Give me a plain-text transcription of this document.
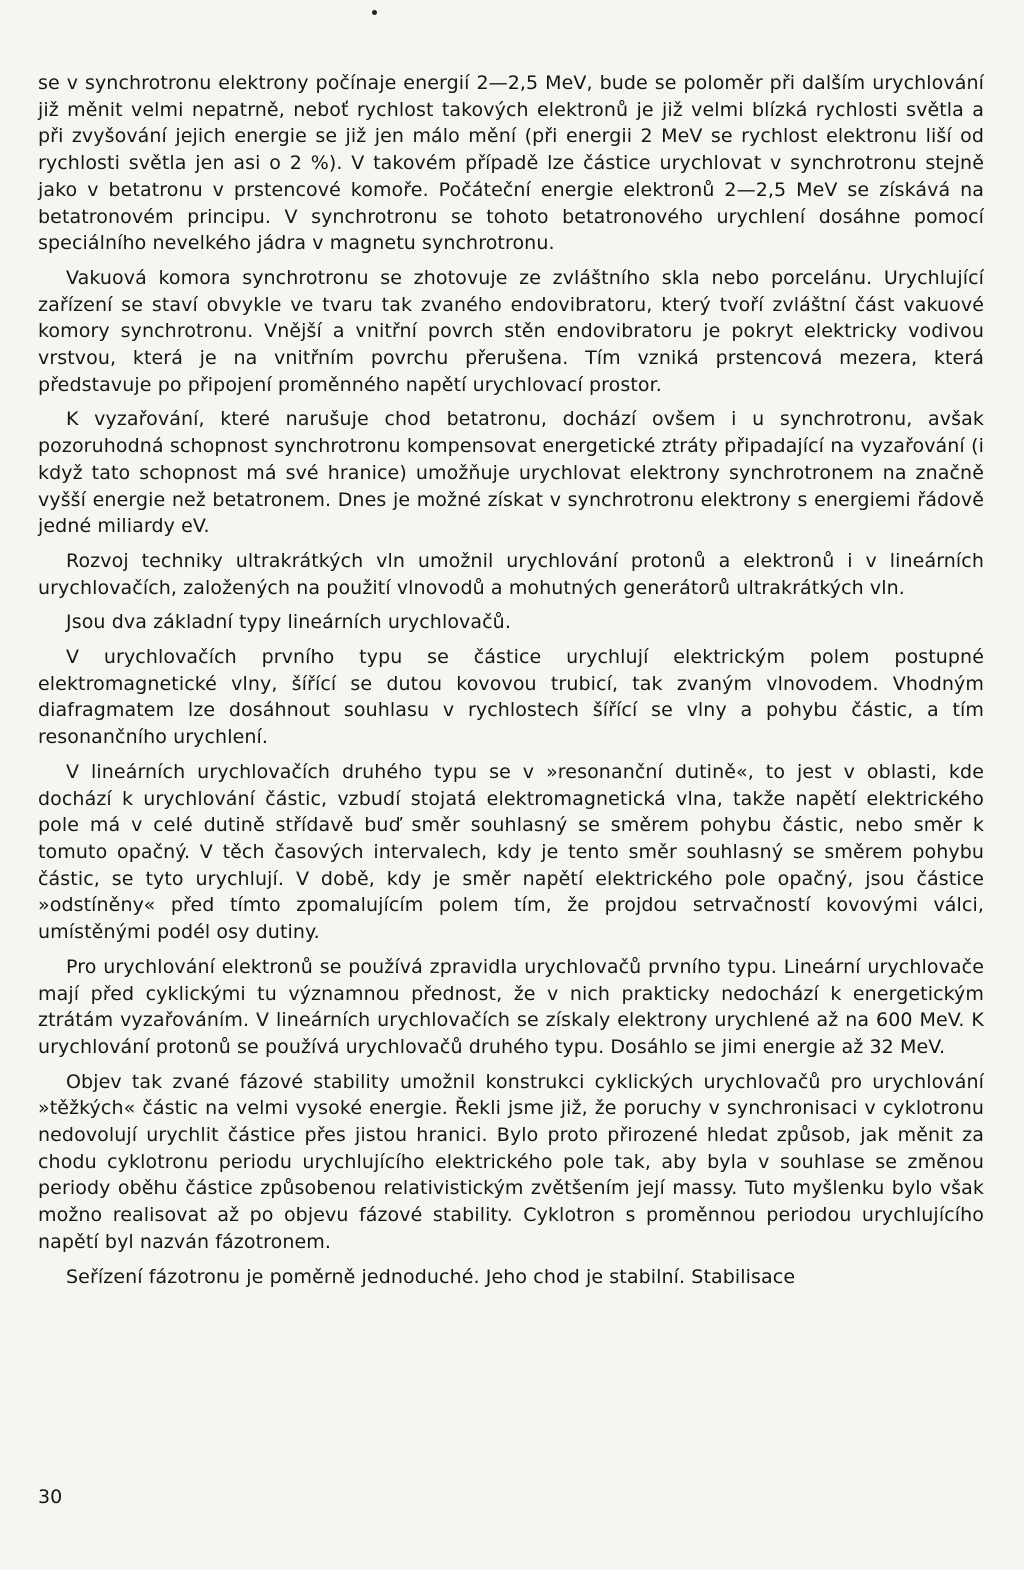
se v synchrotronu elektrony počínaje energií 2—2,5 MeV, bude se poloměr při dalším urychlování již měnit velmi nepatrně, neboť rychlost takových elektronů je již velmi blízká rychlosti světla a při zvyšování jejich energie se již jen málo mění (při energii 2 MeV se rychlost elektronu liší od rychlosti světla jen asi o 2 %). V takovém případě lze částice urychlovat v synchrotronu stejně jako v betatronu v prstencové komoře. Počáteční energie elektronů 2—2,5 MeV se získává na betatronovém principu. V synchrotronu se tohoto betatronového urychlení dosáhne pomocí speciálního nevelkého jádra v magnetu synchrotronu.

Vakuová komora synchrotronu se zhotovuje ze zvláštního skla nebo porcelánu. Urychlující zařízení se staví obvykle ve tvaru tak zvaného endovibratoru, který tvoří zvláštní část vakuové komory synchrotronu. Vnější a vnitřní povrch stěn endovibratoru je pokryt elektricky vodivou vrstvou, která je na vnitřním povrchu přerušena. Tím vzniká prstencová mezera, která představuje po připojení proměnného napětí urychlovací prostor.

K vyzařování, které narušuje chod betatronu, dochází ovšem i u synchrotronu, avšak pozoruhodná schopnost synchrotronu kompensovat energetické ztráty připadající na vyzařování (i když tato schopnost má své hranice) umožňuje urychlovat elektrony synchrotronem na značně vyšší energie než betatronem. Dnes je možné získat v synchrotronu elektrony s energiemi řádově jedné miliardy eV.

Rozvoj techniky ultrakrátkých vln umožnil urychlování protonů a elektronů i v lineárních urychlovačích, založených na použití vlnovodů a mohutných generátorů ultrakrátkých vln.

Jsou dva základní typy lineárních urychlovačů.

V urychlovačích prvního typu se částice urychlují elektrickým polem postupné elektromagnetické vlny, šířící se dutou kovovou trubicí, tak zvaným vlnovodem. Vhodným diafragmatem lze dosáhnout souhlasu v rychlostech šířící se vlny a pohybu částic, a tím resonančního urychlení.

V lineárních urychlovačích druhého typu se v »resonanční dutině«, to jest v oblasti, kde dochází k urychlování částic, vzbudí stojatá elektromagnetická vlna, takže napětí elektrického pole má v celé dutině střídavě buď směr souhlasný se směrem pohybu částic, nebo směr k tomuto opačný. V těch časových intervalech, kdy je tento směr souhlasný se směrem pohybu částic, se tyto urychlují. V době, kdy je směr napětí elektrického pole opačný, jsou částice »odstíněny« před tímto zpomalujícím polem tím, že projdou setrvačností kovovými válci, umístěnými podél osy dutiny.

Pro urychlování elektronů se používá zpravidla urychlovačů prvního typu. Lineární urychlovače mají před cyklickými tu významnou přednost, že v nich prakticky nedochází k energetickým ztrátám vyzařováním. V lineárních urychlovačích se získaly elektrony urychlené až na 600 MeV. K urychlování protonů se používá urychlovačů druhého typu. Dosáhlo se jimi energie až 32 MeV.

Objev tak zvané fázové stability umožnil konstrukci cyklických urychlovačů pro urychlování »těžkých« částic na velmi vysoké energie. Řekli jsme již, že poruchy v synchronisaci v cyklotronu nedovolují urychlit částice přes jistou hranici. Bylo proto přirozené hledat způsob, jak měnit za chodu cyklotronu periodu urychlujícího elektrického pole tak, aby byla v souhlase se změnou periody oběhu částice způsobenou relativistickým zvětšením její massy. Tuto myšlenku bylo však možno realisovat až po objevu fázové stability. Cyklotron s proměnnou periodou urychlujícího napětí byl nazván fázotronem.

Seřízení fázotronu je poměrně jednoduché. Jeho chod je stabilní. Stabilisace

30
